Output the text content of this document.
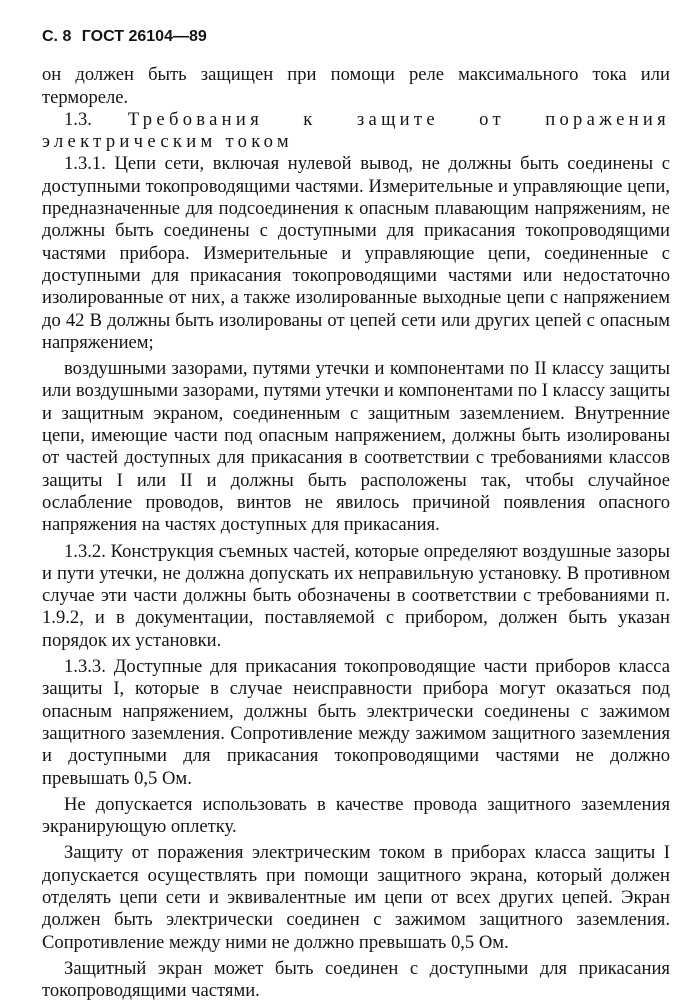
С. 8 ГОСТ 26104—89

он должен быть защищен при помощи реле максимального тока или термореле.

1.3. Требования к защите от поражения электрическим током

1.3.1. Цепи сети, включая нулевой вывод, не должны быть соединены с доступными токопроводящими частями. Измерительные и управляющие цепи, предназначенные для подсоединения к опасным плавающим напряжениям, не должны быть соединены с доступными для прикасания токопроводящими частями прибора. Измерительные и управляющие цепи, соединенные с доступными для прикасания токопроводящими частями или недостаточно изолированные от них, а также изолированные выходные цепи с напряжением до 42 В должны быть изолированы от цепей сети или других цепей с опасным напряжением;

воздушными зазорами, путями утечки и компонентами по II классу защиты или воздушными зазорами, путями утечки и компонентами по I классу защиты и защитным экраном, соединенным с защитным заземлением. Внутренние цепи, имеющие части под опасным напряжением, должны быть изолированы от частей доступных для прикасания в соответствии с требованиями классов защиты I или II и должны быть расположены так, чтобы случайное ослабление проводов, винтов не явилось причиной появления опасного напряжения на частях доступных для прикасания.

1.3.2. Конструкция съемных частей, которые определяют воздушные зазоры и пути утечки, не должна допускать их неправильную установку. В противном случае эти части должны быть обозначены в соответствии с требованиями п. 1.9.2, и в документации, поставляемой с прибором, должен быть указан порядок их установки.

1.3.3. Доступные для прикасания токопроводящие части приборов класса защиты I, которые в случае неисправности прибора могут оказаться под опасным напряжением, должны быть электрически соединены с зажимом защитного заземления. Сопротивление между зажимом защитного заземления и доступными для прикасания токопроводящими частями не должно превышать 0,5 Ом.

Не допускается использовать в качестве провода защитного заземления экранирующую оплетку.

Защиту от поражения электрическим током в приборах класса защиты I допускается осуществлять при помощи защитного экрана, который должен отделять цепи сети и эквивалентные им цепи от всех других цепей. Экран должен быть электрически соединен с зажимом защитного заземления. Сопротивление между ними не должно превышать 0,5 Ом.

Защитный экран может быть соединен с доступными для прикасания токопроводящими частями.
